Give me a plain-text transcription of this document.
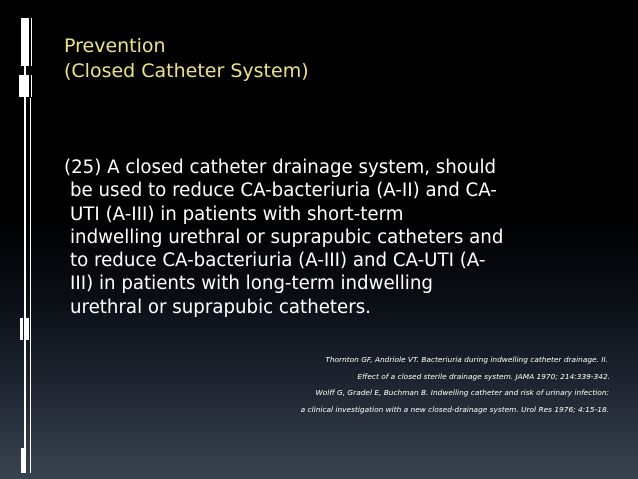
Prevention
(Closed Catheter System)
(25) A closed catheter drainage system, should
be used to reduce CA-bacteriuria (A-II) and CA-
UTI (A-III) in patients with short-term
indwelling urethral or suprapubic catheters and
to reduce CA-bacteriuria (A-III) and CA-UTI (A-
III) in patients with long-term indwelling
urethral or suprapubic catheters.
Thornton GF, Andriole VT. Bacteriuria during indwelling catheter drainage. II.
Effect of a closed sterile drainage system. JAMA 1970; 214:339-342.
Wolff G, Gradel E, Buchman B. Indwelling catheter and risk of urinary infection:
a clinical investigation with a new closed-drainage system. Urol Res 1976; 4:15-18.
